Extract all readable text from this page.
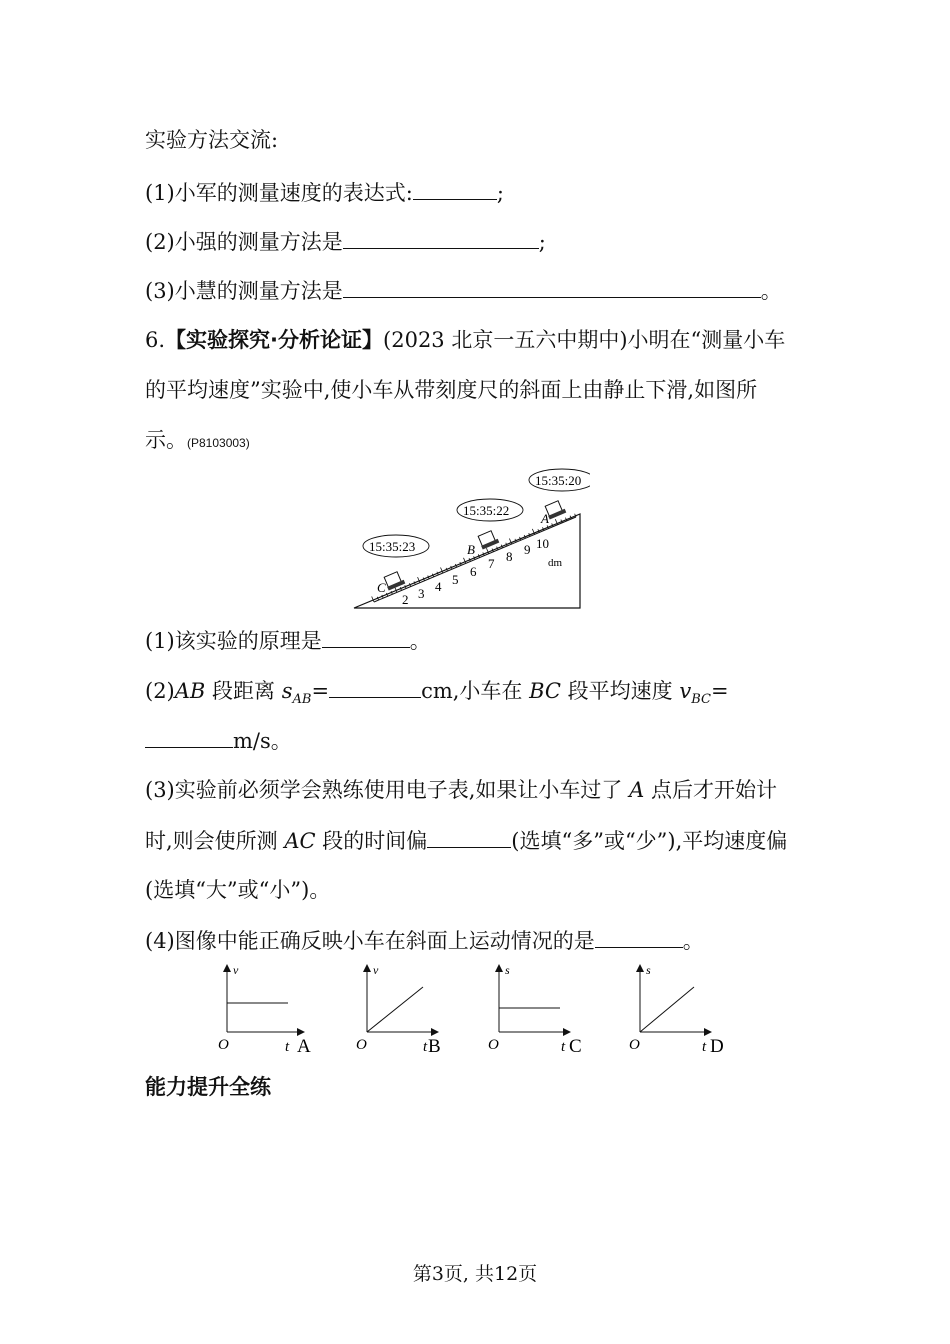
实验方法交流:
(1)小军的测量速度的表达式:	;
(2)小强的测量方法是	;
(3)小慧的测量方法是	。
6.【实验探究·分析论证】(2023 北京一五六中期中)小明在“测量小车
的平均速度”实验中,使小车从带刻度尺的斜面上由静止下滑,如图所
示。(P8103003)
2 3 4 5
6
7 8 9 10
dm
A
B
C
15:35:20
15:35:22
15:35:23
(1)该实验的原理是	。
(2)AB 段距离 $s_{AB}=$	cm,小车在 BC 段平均速度 $v_{BC}=$
m/s。
(3)实验前必须学会熟练使用电子表,如果让小车过了 A 点后才开始计
时,则会使所测 AC 段的时间偏	(选填“多”或“少”),平均速度偏
(选填“大”或“小”)。
(4)图像中能正确反映小车在斜面上运动情况的是	。
v
t
O	A
v
t
O	B
s
t
O	C
s
t
O	D
能力提升全练
第3页, 共12页
